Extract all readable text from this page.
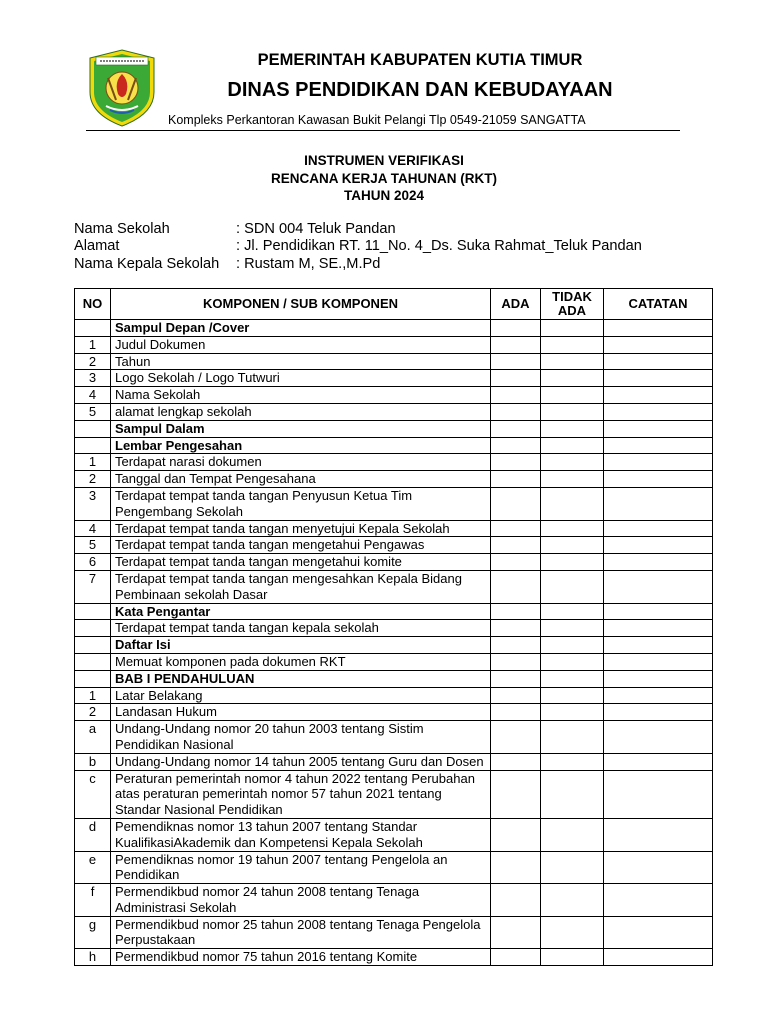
PEMERINTAH KABUPATEN KUTIA TIMUR
DINAS PENDIDIKAN DAN KEBUDAYAAN
Kompleks Perkantoran Kawasan Bukit Pelangi Tlp 0549-21059 SANGATTA
INSTRUMEN VERIFIKASI
RENCANA KERJA TAHUNAN (RKT)
TAHUN 2024
Nama Sekolah	: SDN 004 Teluk Pandan
Alamat	: Jl. Pendidikan RT. 11_No. 4_Ds. Suka Rahmat_Teluk Pandan
Nama Kepala Sekolah : Rustam M, SE.,M.Pd
NO	KOMPONEN / SUB KOMPONEN	ADA	TIDAK ADA	CATATAN
	Sampul Depan /Cover			
1	Judul Dokumen			
2	Tahun			
3	Logo Sekolah / Logo Tutwuri			
4	Nama Sekolah			
5	alamat lengkap sekolah			
	Sampul Dalam			
	Lembar Pengesahan			
1	Terdapat narasi dokumen			
2	Tanggal dan Tempat Pengesahana			
3	Terdapat tempat tanda tangan Penyusun Ketua Tim Pengembang Sekolah			
4	Terdapat tempat tanda tangan menyetujui Kepala Sekolah			
5	Terdapat tempat tanda tangan mengetahui Pengawas			
6	Terdapat tempat tanda tangan mengetahui komite			
7	Terdapat tempat tanda tangan mengesahkan Kepala Bidang Pembinaan sekolah Dasar			
	Kata Pengantar			
	Terdapat tempat tanda tangan kepala sekolah			
	Daftar Isi			
	Memuat komponen pada dokumen RKT			
	BAB I PENDAHULUAN			
1	Latar Belakang			
2	Landasan Hukum			
a	Undang-Undang nomor 20 tahun 2003 tentang Sistim Pendidikan Nasional			
b	Undang-Undang nomor 14 tahun 2005 tentang Guru dan Dosen			
c	Peraturan pemerintah nomor 4 tahun 2022 tentang Perubahan atas peraturan pemerintah nomor 57 tahun 2021 tentang Standar Nasional Pendidikan			
d	Pemendiknas nomor 13 tahun 2007 tentang Standar KualifikasiAkademik dan Kompetensi Kepala Sekolah			
e	Pemendiknas nomor 19 tahun 2007 tentang Pengelola an Pendidikan			
f	Permendikbud nomor 24 tahun 2008 tentang Tenaga Administrasi Sekolah			
g	Permendikbud nomor 25 tahun 2008 tentang Tenaga Pengelola Perpustakaan			
h	Permendikbud nomor 75 tahun 2016 tentang Komite			
